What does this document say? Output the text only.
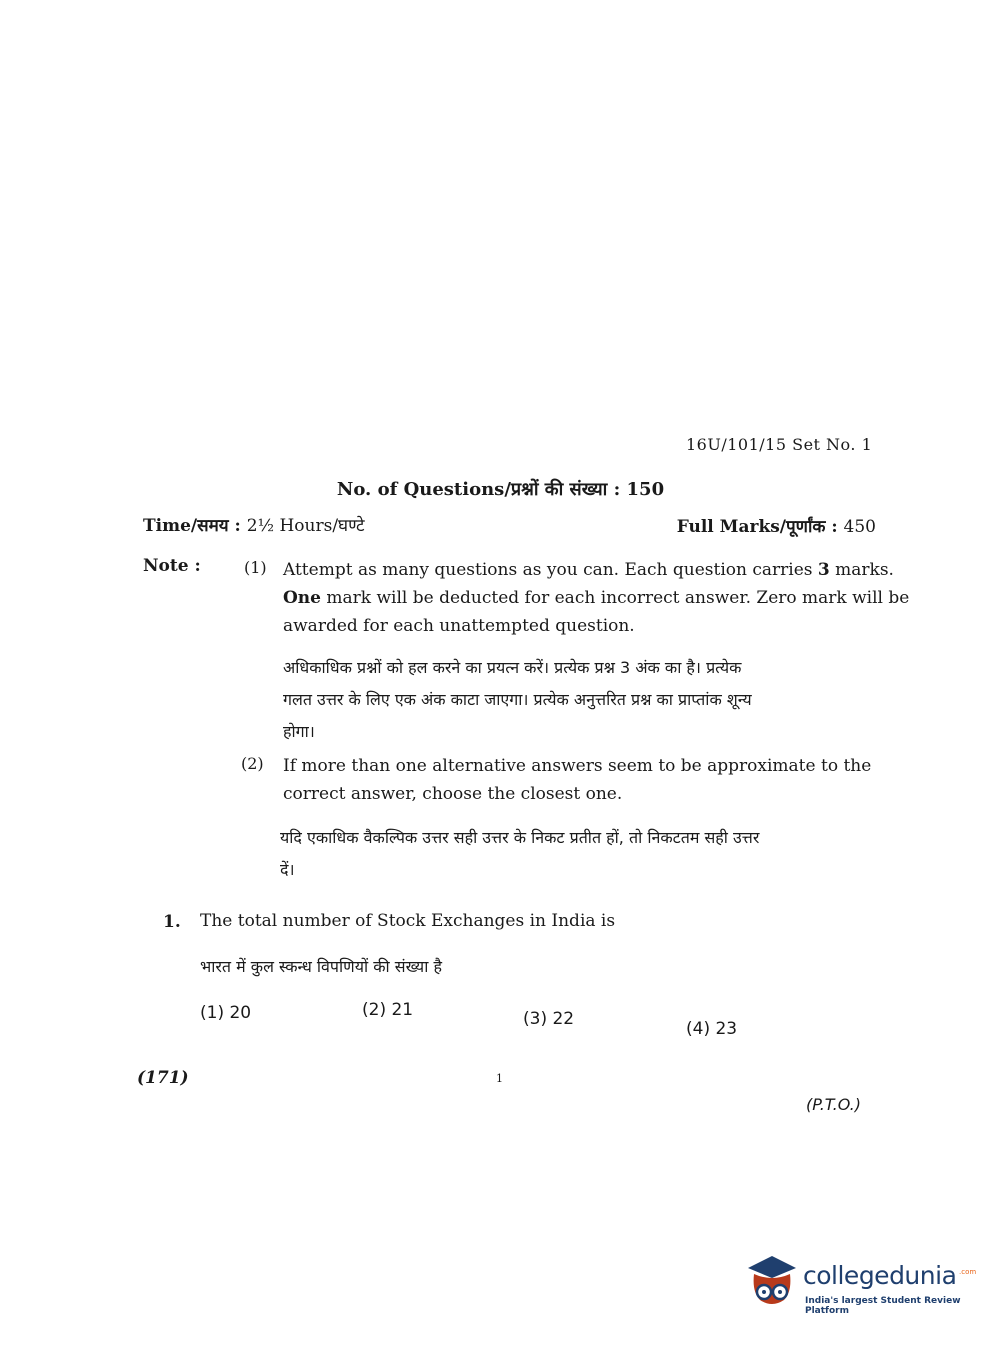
16U/101/15 Set No. 1
No. of Questions/प्रश्नों की संख्या : 150
Time/समय : 2½ Hours/घण्टे	Full Marks/पूर्णांक : 450
Note :	(1) Attempt as many questions as you can. Each question carries 3 marks.
One mark will be deducted for each incorrect answer. Zero mark will be
awarded for each unattempted question.
अधिकाधिक प्रश्नों को हल करने का प्रयत्न करें। प्रत्येक प्रश्न 3 अंक का है। प्रत्येक
गलत उत्तर के लिए एक अंक काटा जाएगा। प्रत्येक अनुत्तरित प्रश्न का प्राप्तांक शून्य
होगा।
(2) If more than one alternative answers seem to be approximate to the
correct answer, choose the closest one.
यदि एकाधिक वैकल्पिक उत्तर सही उत्तर के निकट प्रतीत हों, तो निकटतम सही उत्तर
दें।
1. The total number of Stock Exchanges in India is
भारत में कुल स्कन्ध विपणियों की संख्या है
(1) 20	(2) 21	(3) 22	(4) 23
(171)	1
(P.T.O.)
collegedunia .com
India's largest Student Review Platform
